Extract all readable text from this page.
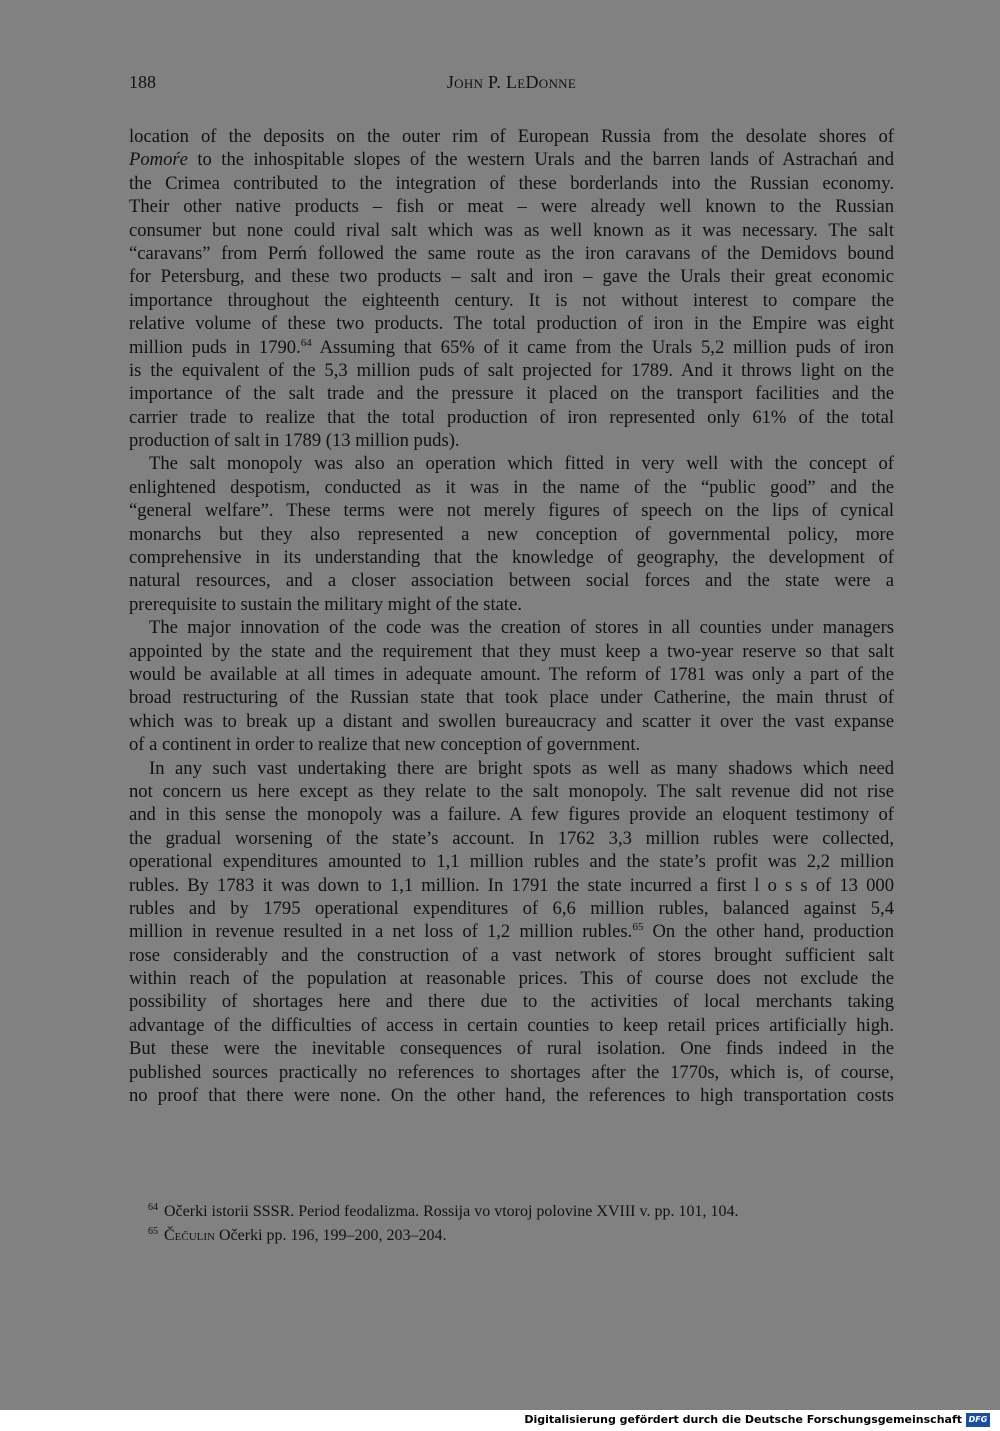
188	John P. LeDonne
location of the deposits on the outer rim of European Russia from the desolate shores of
Pomoŕe to the inhospitable slopes of the western Urals and the barren lands of Astrachań and
the Crimea contributed to the integration of these borderlands into the Russian economy.
Their other native products – fish or meat – were already well known to the Russian
consumer but none could rival salt which was as well known as it was necessary. The salt
“caravans” from Perḿ followed the same route as the iron caravans of the Demidovs bound
for Petersburg, and these two products – salt and iron – gave the Urals their great economic
importance throughout the eighteenth century. It is not without interest to compare the
relative volume of these two products. The total production of iron in the Empire was eight
million puds in 1790.64 Assuming that 65% of it came from the Urals 5,2 million puds of iron
is the equivalent of the 5,3 million puds of salt projected for 1789. And it throws light on the
importance of the salt trade and the pressure it placed on the transport facilities and the
carrier trade to realize that the total production of iron represented only 61% of the total
production of salt in 1789 (13 million puds).
The salt monopoly was also an operation which fitted in very well with the concept of
enlightened despotism, conducted as it was in the name of the “public good” and the
“general welfare”. These terms were not merely figures of speech on the lips of cynical
monarchs but they also represented a new conception of governmental policy, more
comprehensive in its understanding that the knowledge of geography, the development of
natural resources, and a closer association between social forces and the state were a
prerequisite to sustain the military might of the state.
The major innovation of the code was the creation of stores in all counties under managers
appointed by the state and the requirement that they must keep a two-year reserve so that salt
would be available at all times in adequate amount. The reform of 1781 was only a part of the
broad restructuring of the Russian state that took place under Catherine, the main thrust of
which was to break up a distant and swollen bureaucracy and scatter it over the vast expanse
of a continent in order to realize that new conception of government.
In any such vast undertaking there are bright spots as well as many shadows which need
not concern us here except as they relate to the salt monopoly. The salt revenue did not rise
and in this sense the monopoly was a failure. A few figures provide an eloquent testimony of
the gradual worsening of the state’s account. In 1762 3,3 million rubles were collected,
operational expenditures amounted to 1,1 million rubles and the state’s profit was 2,2 million
rubles. By 1783 it was down to 1,1 million. In 1791 the state incurred a first l o s s of 13 000
rubles and by 1795 operational expenditures of 6,6 million rubles, balanced against 5,4
million in revenue resulted in a net loss of 1,2 million rubles.$^{65}$ On the other hand, production
rose considerably and the construction of a vast network of stores brought sufficient salt
within reach of the population at reasonable prices. This of course does not exclude the
possibility of shortages here and there due to the activities of local merchants taking
advantage of the difficulties of access in certain counties to keep retail prices artificially high.
But these were the inevitable consequences of rural isolation. One finds indeed in the
published sources practically no references to shortages after the 1770s, which is, of course,
no proof that there were none. On the other hand, the references to high transportation costs
$^{64}$ Očerki istorii SSSR. Period feodalizma. Rossija vo vtoroj polovine XVIII v. pp. 101, 104.
$^{65}$ Čečulin Očerki pp. 196, 199–200, 203–204.
Digitalisierung gefördert durch die Deutsche Forschungsgemeinschaft DFG
